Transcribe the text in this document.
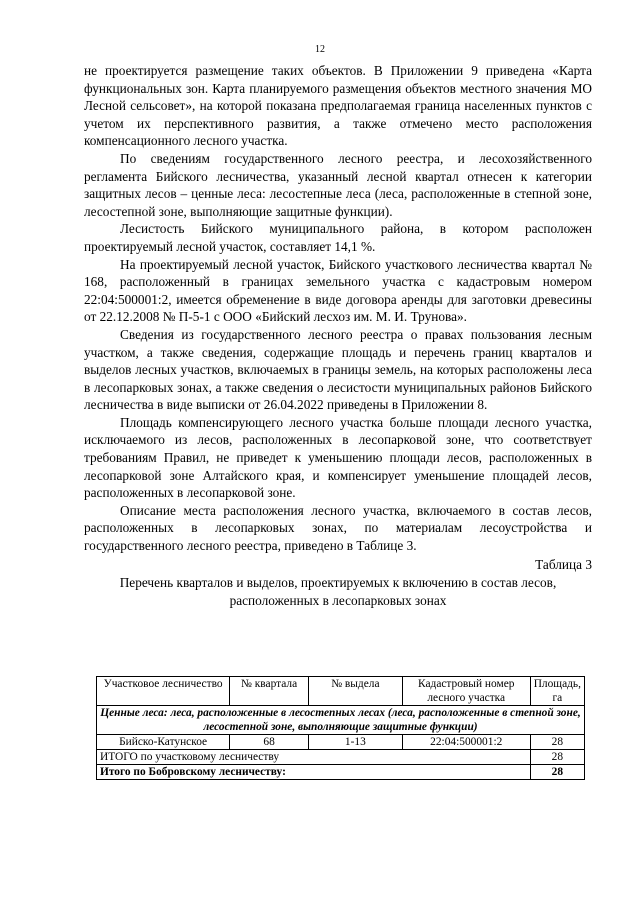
12

не проектируется размещение таких объектов. В Приложении 9 приведена «Карта функциональных зон. Карта планируемого размещения объектов местного значения МО Лесной сельсовет», на которой показана предполагаемая граница населенных пунктов с учетом их перспективного развития, а также отмечено место расположения компенсационного лесного участка.

По сведениям государственного лесного реестра, и лесохозяйственного регламента Бийского лесничества, указанный лесной квартал отнесен к категории защитных лесов – ценные леса: лесостепные леса (леса, расположенные в степной зоне, лесостепной зоне, выполняющие защитные функции).

Лесистость Бийского муниципального района, в котором расположен проектируемый лесной участок, составляет 14,1 %.

На проектируемый лесной участок, Бийского участкового лесничества квартал № 168, расположенный в границах земельного участка с кадастровым номером 22:04:500001:2, имеется обременение в виде договора аренды для заготовки древесины от 22.12.2008 № П-5-1 с ООО «Бийский лесхоз им. М. И. Трунова».

Сведения из государственного лесного реестра о правах пользования лесным участком, а также сведения, содержащие площадь и перечень границ кварталов и выделов лесных участков, включаемых в границы земель, на которых расположены леса в лесопарковых зонах, а также сведения о лесистости муниципальных районов Бийского лесничества в виде выписки от 26.04.2022 приведены в Приложении 8.

Площадь компенсирующего лесного участка больше площади лесного участка, исключаемого из лесов, расположенных в лесопарковой зоне, что соответствует требованиям Правил, не приведет к уменьшению площади лесов, расположенных в лесопарковой зоне Алтайского края, и компенсирует уменьшение площадей лесов, расположенных в лесопарковой зоне.

Описание места расположения лесного участка, включаемого в состав лесов, расположенных в лесопарковых зонах, по материалам лесоустройства и государственного лесного реестра, приведено в Таблице 3.

Таблица 3
Перечень кварталов и выделов, проектируемых к включению в состав лесов, расположенных в лесопарковых зонах
Участковое лесничество	№ квартала	№ выдела	Кадастровый номер лесного участка	Площадь, га
Ценные леса: леса, расположенные в лесостепных лесах (леса, расположенные в степной зоне, лесостепной зоне, выполняющие защитные функции)				
Бийско-Катунское	68	1-13	22:04:500001:2	28
ИТОГО по участковому лесничеству				28
Итого по Бобровскому лесничеству:				28
